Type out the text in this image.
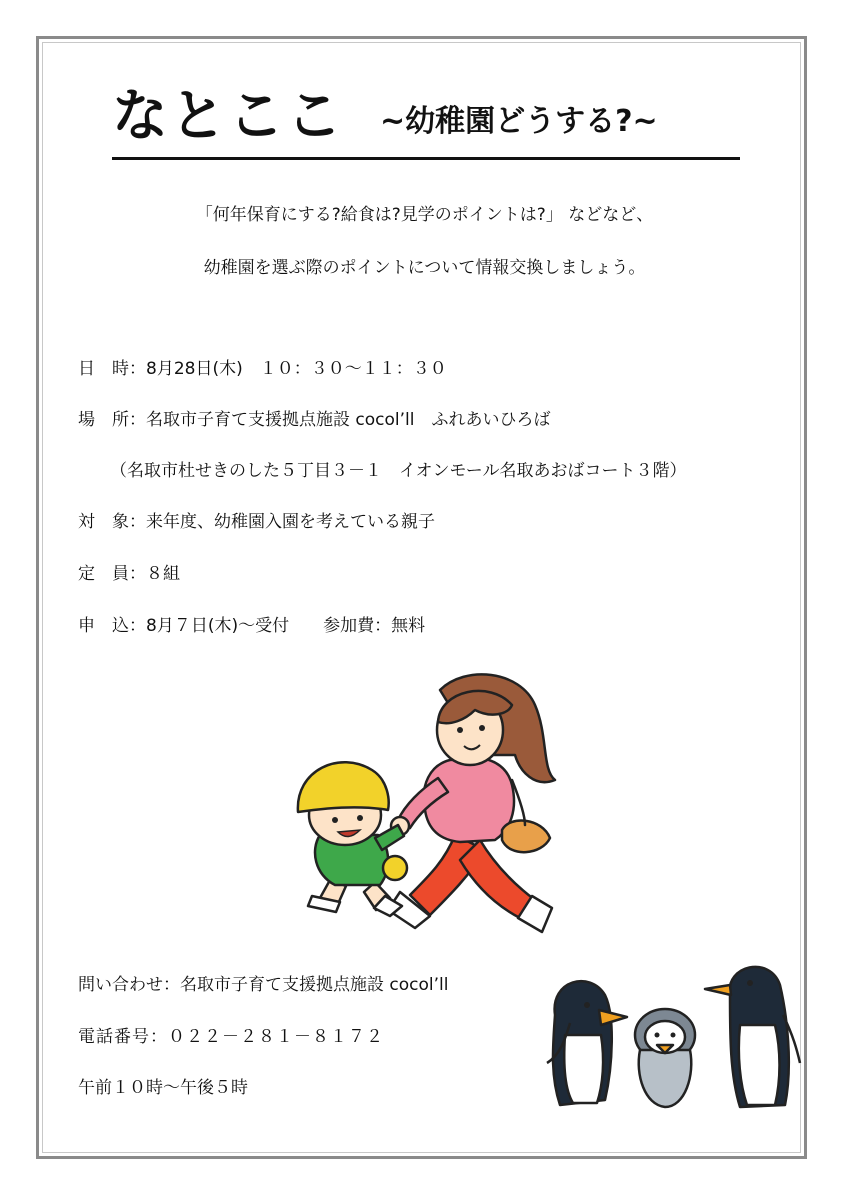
なとここ ~幼稚園どうする?~
「何年保育にする?給食は?見学のポイントは?」 などなど、
幼稚園を選ぶ際のポイントについて情報交換しましょう。
日　時：8月28日(木)　１０：３０～１１：３０
場　所：名取市子育て支援拠点施設 cocol’ll　ふれあいひろば
（名取市杜せきのした５丁目３－１　イオンモール名取あおばコート３階）
対　象：来年度、幼稚園入園を考えている親子
定　員：８組
申　込：8月７日(木)～受付　　参加費：無料
問い合わせ：名取市子育て支援拠点施設 cocol’ll
電話番号：０２２－２８１－８１７２
午前１０時～午後５時
